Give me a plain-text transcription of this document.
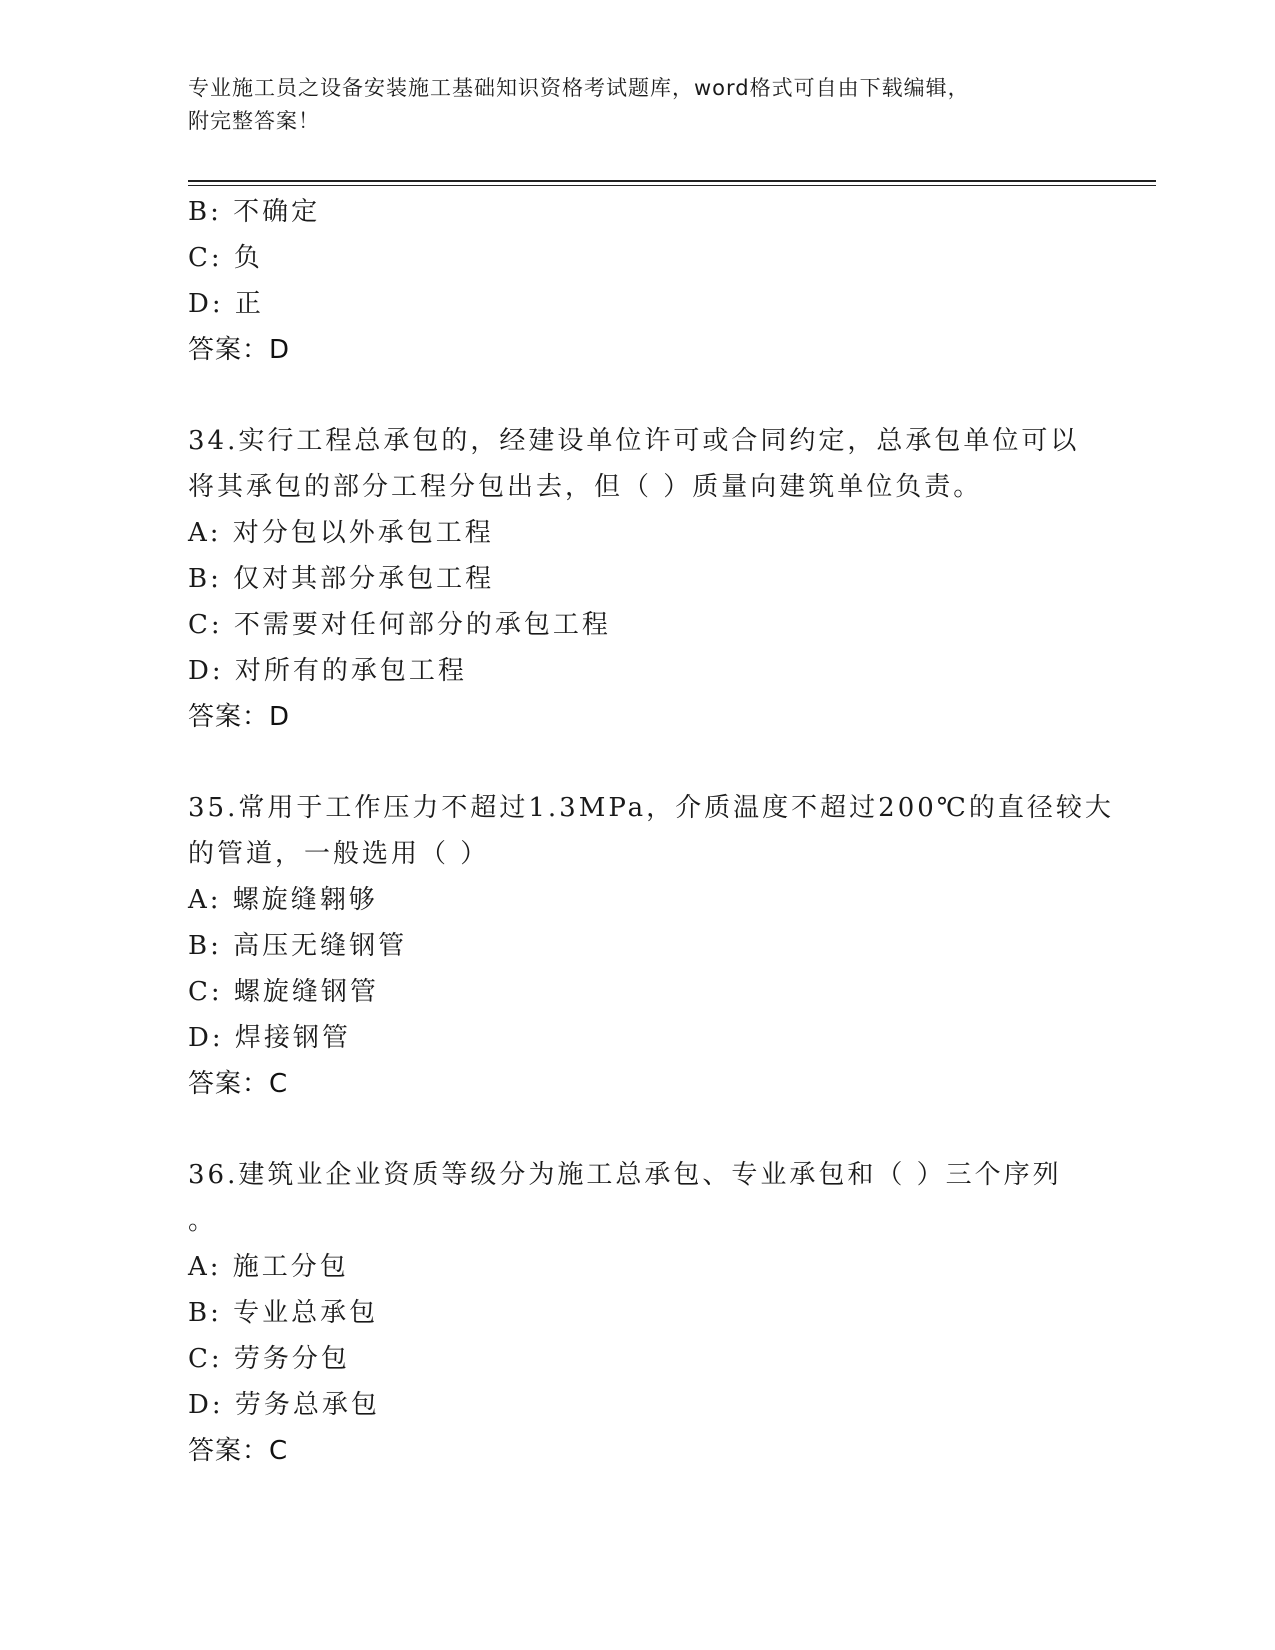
专业施工员之设备安装施工基础知识资格考试题库，word格式可自由下载编辑，
附完整答案！
B: 不确定
C: 负
D: 正
答案：D
34.实行工程总承包的，经建设单位许可或合同约定，总承包单位可以
将其承包的部分工程分包出去，但（ ）质量向建筑单位负责。
A: 对分包以外承包工程
B: 仅对其部分承包工程
C: 不需要对任何部分的承包工程
D: 对所有的承包工程
答案：D
35.常用于工作压力不超过1.3MPa，介质温度不超过200℃的直径较大
的管道，一般选用（ ）
A: 螺旋缝翱够
B: 高压无缝钢管
C: 螺旋缝钢管
D: 焊接钢管
答案：C
36.建筑业企业资质等级分为施工总承包、专业承包和（ ）三个序列
。
A: 施工分包
B: 专业总承包
C: 劳务分包
D: 劳务总承包
答案：C
